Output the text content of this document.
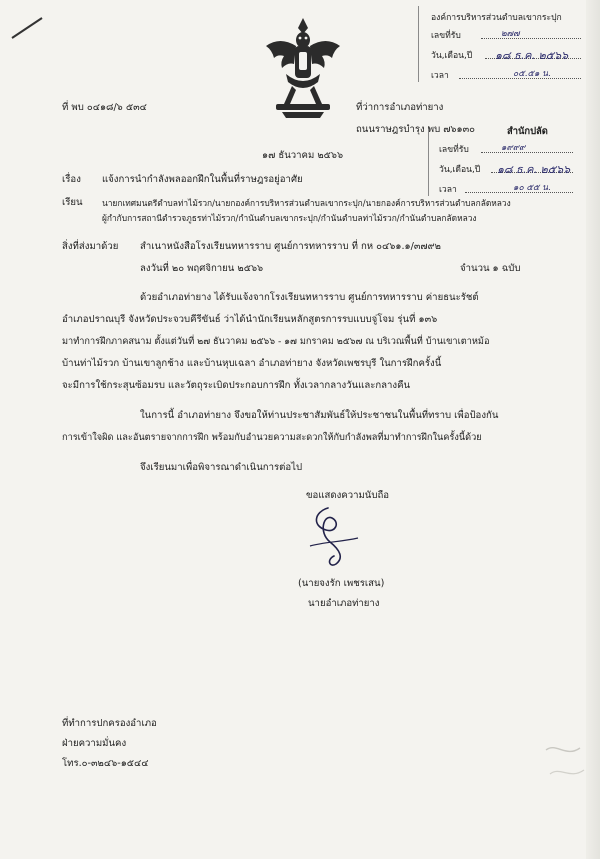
องค์การบริหารส่วนตำบลเขากระปุก
เลขที่รับ	๒๗๗
วัน,เดือน,ปี ๑๘ ธ.ค. ๒๕๖๖
เวลา	๐๕.๕๑ น.
สำนักปลัด
เลขที่รับ	๑๙๙๙
วัน,เดือน,ปี ๑๘ ธ.ค. ๒๕๖๖
เวลา	๑๐ ๕๕ น.
ที่ พบ ๐๔๑๘/๖ ๕๓๔	ที่ว่าการอำเภอท่ายาง
ถนนราษฎรบำรุง พบ ๗๖๑๓๐
๑๗ ธันวาคม ๒๕๖๖
เรื่อง แจ้งการนำกำลังพลออกฝึกในพื้นที่ราษฎรอยู่อาศัย
เรียน นายกเทศมนตรีตำบลท่าไม้รวก/นายกองค์การบริหารส่วนตำบลเขากระปุก/นายกองค์การบริหารส่วนตำบลกลัดหลวง
ผู้กำกับการสถานีตำรวจภูธรท่าไม้รวก/กำนันตำบลเขากระปุก/กำนันตำบลท่าไม้รวก/กำนันตำบลกลัดหลวง
สิ่งที่ส่งมาด้วย สำเนาหนังสือโรงเรียนทหารราบ ศูนย์การทหารราบ ที่ กห ๐๔๖๑.๑/๓๗๙๒
ลงวันที่ ๒๐ พฤศจิกายน ๒๕๖๖	จำนวน ๑ ฉบับ
ด้วยอำเภอท่ายาง ได้รับแจ้งจากโรงเรียนทหารราบ ศูนย์การทหารราบ ค่ายธนะรัชต์
อำเภอปราณบุรี จังหวัดประจวบคีรีขันธ์ ว่าได้นำนักเรียนหลักสูตรการรบแบบจู่โจม รุ่นที่ ๑๓๖
มาทำการฝึกภาคสนาม ตั้งแต่วันที่ ๒๗ ธันวาคม ๒๕๖๖ - ๑๗ มกราคม ๒๕๖๗ ณ บริเวณพื้นที่ บ้านเขาเตาหม้อ
บ้านท่าไม้รวก บ้านเขาลูกช้าง และบ้านหุบเฉลา อำเภอท่ายาง จังหวัดเพชรบุรี ในการฝึกครั้งนี้
จะมีการใช้กระสุนซ้อมรบ และวัตถุระเบิดประกอบการฝึก ทั้งเวลากลางวันและกลางคืน
ในการนี้ อำเภอท่ายาง จึงขอให้ท่านประชาสัมพันธ์ให้ประชาชนในพื้นที่ทราบ เพื่อป้องกัน
การเข้าใจผิด และอันตรายจากการฝึก พร้อมกับอำนวยความสะดวกให้กับกำลังพลที่มาทำการฝึกในครั้งนี้ด้วย
จึงเรียนมาเพื่อพิจารณาดำเนินการต่อไป
ขอแสดงความนับถือ
(นายจงรัก เพชรเสน)
นายอำเภอท่ายาง
ที่ทำการปกครองอำเภอ
ฝ่ายความมั่นคง
โทร.๐-๓๒๔๖-๑๕๔๔
